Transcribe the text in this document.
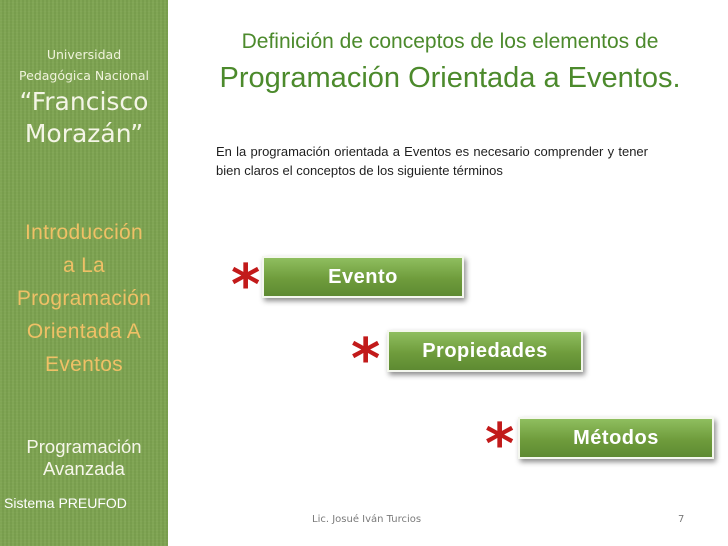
Universidad
Pedagógica Nacional
“Francisco
Morazán”
Introducción
a La
Programación
Orientada A
Eventos
Programación
Avanzada
Sistema PREUFOD
Definición de conceptos de los elementos de
Programación Orientada a Eventos.
En la programación orientada a Eventos es necesario comprender y tener bien claros el conceptos de los siguiente términos
*	Evento
*	Propiedades
*	Métodos
Lic. Josué Iván Turcios	7
